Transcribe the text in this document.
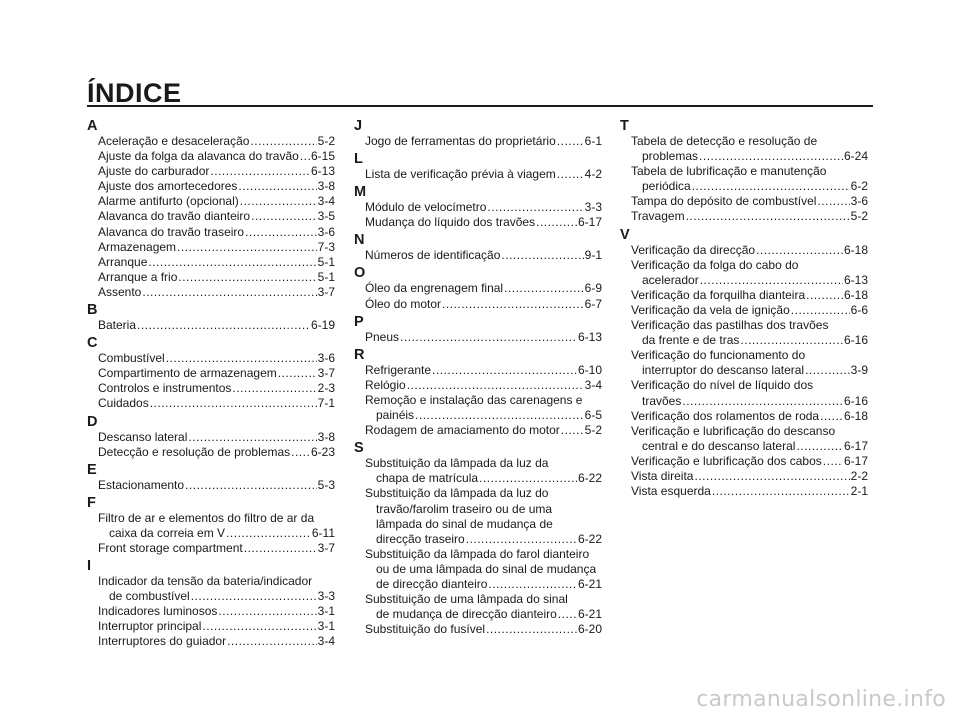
ÍNDICE
A
Aceleração e desaceleração .....	5-2
Ajuste da folga da alavanca do travão ..... 6-15
Ajuste do carburador .....	6-13
Ajuste dos amortecedores .....	3-8
Alarme antifurto (opcional) .....	3-4
Alavanca do travão dianteiro .....	3-5
Alavanca do travão traseiro .....	3-6
Armazenagem .....	7-3
Arranque .....	5-1
Arranque a frio .....	5-1
Assento .....	3-7
B
Bateria .....	6-19
C
Combustível .....	3-6
Compartimento de armazenagem .....	3-7
Controlos e instrumentos .....	2-3
Cuidados .....	7-1
D
Descanso lateral .....	3-8
Detecção e resolução de problemas ..... 6-23
E
Estacionamento .....	5-3
F
Filtro de ar e elementos do filtro de ar da
caixa da correia em V .....	6-11
Front storage compartment .....	3-7
I
Indicador da tensão da bateria/indicador
de combustível .....	3-3
Indicadores luminosos .....	3-1
Interruptor principal .....	3-1
Interruptores do guiador .....	3-4
J
Jogo de ferramentas do proprietário ..... 6-1
L
Lista de verificação prévia à viagem ..... 4-2
M
Módulo de velocímetro .....	3-3
Mudança do líquido dos travões .....	6-17
N
Números de identificação .....	9-1
O
Óleo da engrenagem final .....	6-9
Óleo do motor .....	6-7
P
Pneus .....	6-13
R
Refrigerante .....	6-10
Relógio .....	3-4
Remoção e instalação das carenagens e
painéis .....	6-5
Rodagem de amaciamento do motor ..... 5-2
S
Substituição da lâmpada da luz da
chapa de matrícula .....	6-22
Substituição da lâmpada da luz do
travão/farolim traseiro ou de uma
lâmpada do sinal de mudança de
direcção traseiro .....	6-22
Substituição da lâmpada do farol dianteiro
ou de uma lâmpada do sinal de mudança
de direcção dianteiro .....	6-21
Substituição de uma lâmpada do sinal
de mudança de direcção dianteiro ..... 6-21
Substituição do fusível .....	6-20
T
Tabela de detecção e resolução de
problemas .....	6-24
Tabela de lubrificação e manutenção
periódica .....	6-2
Tampa do depósito de combustível .....	3-6
Travagem .....	5-2
V
Verificação da direcção .....	6-18
Verificação da folga do cabo do
acelerador .....	6-13
Verificação da forquilha dianteira .....	6-18
Verificação da vela de ignição .....	6-6
Verificação das pastilhas dos travões
da frente e de tras .....	6-16
Verificação do funcionamento do
interruptor do descanso lateral .....	3-9
Verificação do nível de líquido dos
travões .....	6-16
Verificação dos rolamentos de roda ..... 6-18
Verificação e lubrificação do descanso
central e do descanso lateral .....	6-17
Verificação e lubrificação dos cabos ..... 6-17
Vista direita .....	2-2
Vista esquerda .....	2-1
carmanualsonline.info
